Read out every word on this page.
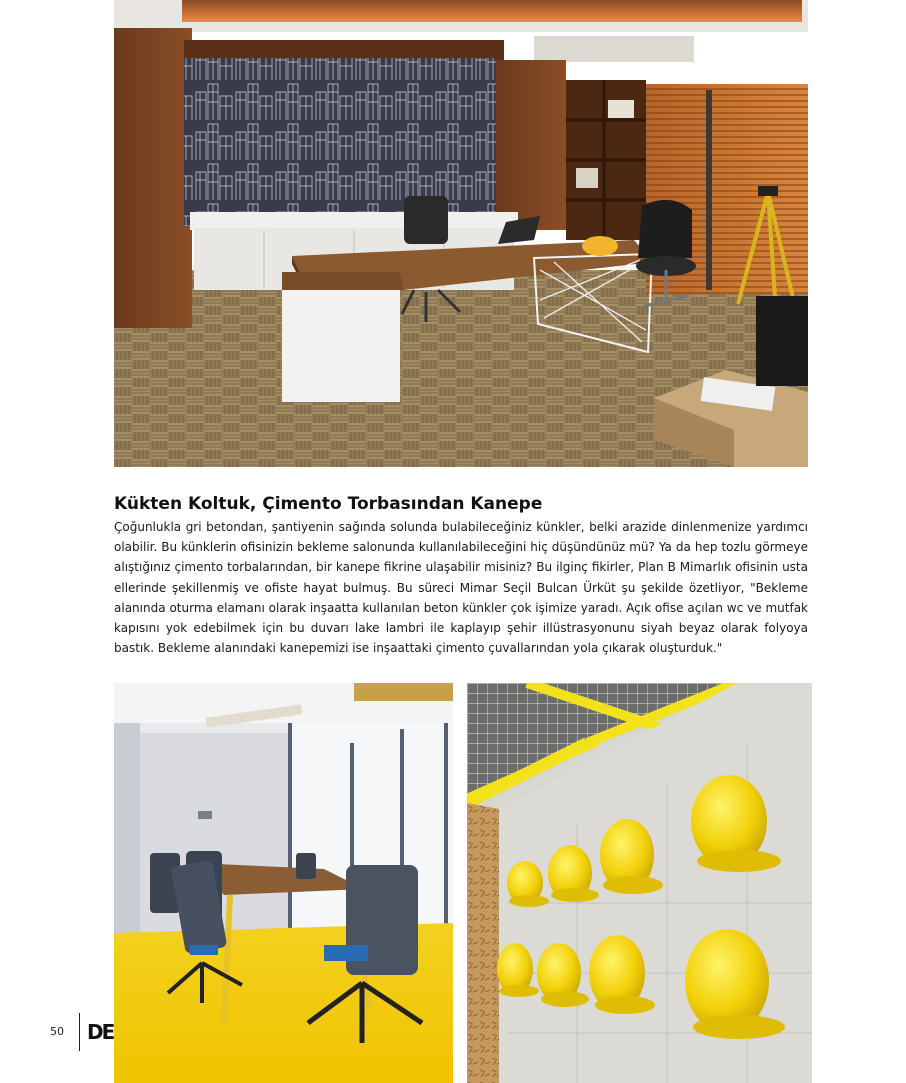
Kükten Koltuk, Çimento Torbasından Kanepe

Çoğunlukla gri betondan, şantiyenin sağında solunda bulabileceğiniz künkler, belki arazide dinlenmenize yardımcı olabilir. Bu künklerin ofisinizin bekleme salonunda kullanılabileceğini hiç düşündünüz mü? Ya da hep tozlu görmeye alıştığınız çimento torbalarından, bir kanepe fikrine ulaşabilir misiniz? Bu ilginç fikirler, Plan B Mimarlık ofisinin usta ellerinde şekillenmiş ve ofiste hayat bulmuş. Bu süreci Mimar Seçil Bulcan Ürküt şu şekilde özetliyor, "Bekleme alanında oturma elamanı olarak inşaatta kullanılan beton künkler çok işimize yaradı. Açık ofise açılan wc ve mutfak kapısını yok edebilmek için bu duvarı lake lambri ile kaplayıp şehir illüstrasyonunu siyah beyaz olarak folyoya bastık. Bekleme alanındaki kanepemizi ise inşaattaki çimento çuvallarından yola çıkarak oluşturduk."

50 DE
